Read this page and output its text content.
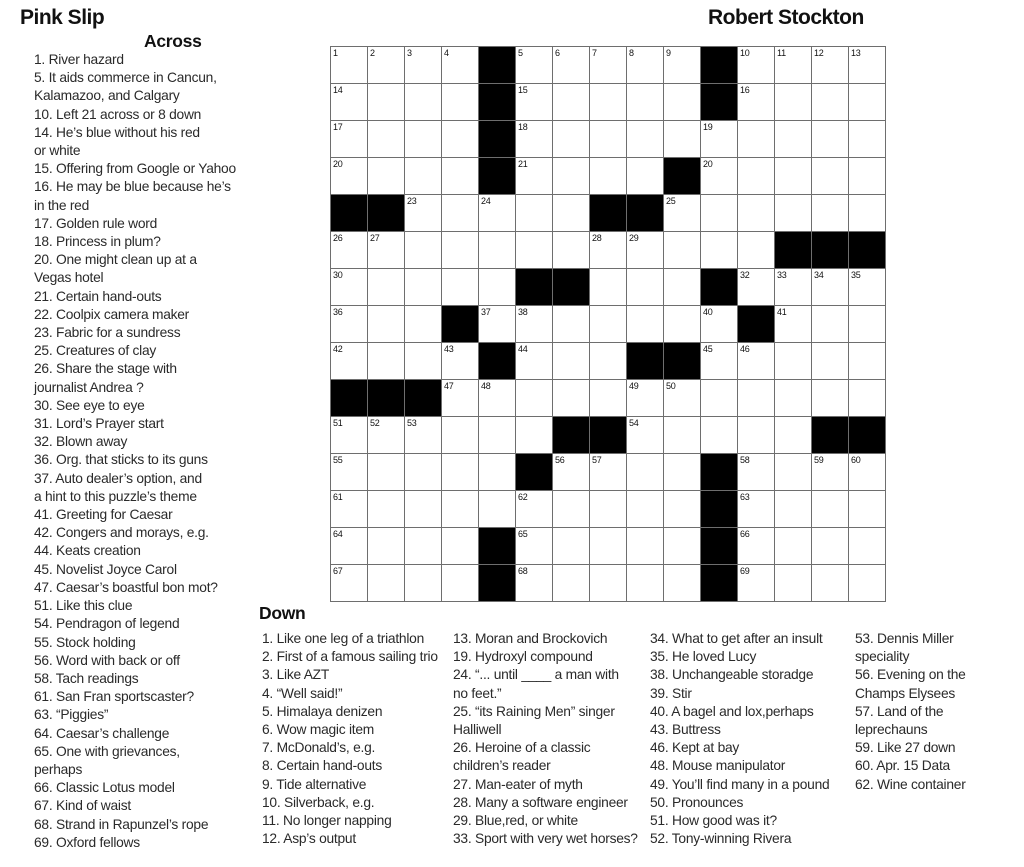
Pink Slip	Robert Stockton
Across
1. River hazard
5. It aids commerce in Cancun,
Kalamazoo, and Calgary
10. Left 21 across or 8 down
14. He’s blue without his red
or white
15. Offering from Google or Yahoo
16. He may be blue because he’s
in the red
17. Golden rule word
18. Princess in plum?
20. One might clean up at a
Vegas hotel
21. Certain hand-outs
22. Coolpix camera maker
23. Fabric for a sundress
25. Creatures of clay
26. Share the stage with
journalist Andrea ?
30. See eye to eye
31. Lord’s Prayer start
32. Blown away
36. Org. that sticks to its guns
37. Auto dealer’s option, and
a hint to this puzzle’s theme
41. Greeting for Caesar
42. Congers and morays, e.g.
44. Keats creation
45. Novelist Joyce Carol
47. Caesar’s boastful bon mot?
51. Like this clue
54. Pendragon of legend
55. Stock holding
56. Word with back or off
58. Tach readings
61. San Fran sportscaster?
63. “Piggies”
64. Caesar’s challenge
65. One with grievances,
perhaps
66. Classic Lotus model
67. Kind of waist
68. Strand in Rapunzel’s rope
69. Oxford fellows
Down
1. Like one leg of a triathlon
2. First of a famous sailing trio
3. Like AZT
4. “Well said!”
5. Himalaya denizen
6. Wow magic item
7. McDonald’s, e.g.
8. Certain hand-outs
9. Tide alternative
10. Silverback, e.g.
11. No longer napping
12. Asp’s output
13. Moran and Brockovich
19. Hydroxyl compound
24. “... until ____ a man with
no feet.”
25. “its Raining Men” singer
Halliwell
26. Heroine of a classic
children’s reader
27. Man-eater of myth
28. Many a software engineer
29. Blue,red, or white
33. Sport with very wet horses?
34. What to get after an insult
35. He loved Lucy
38. Unchangeable storadge
39. Stir
40. A bagel and lox,perhaps
43. Buttress
46. Kept at bay
48. Mouse manipulator
49. You’ll find many in a pound
50. Pronounces
51. How good was it?
52. Tony-winning Rivera
53. Dennis Miller
speciality
56. Evening on the
Champs Elysees
57. Land of the
leprechauns
59. Like 27 down
60. Apr. 15 Data
62. Wine container
1	2	3	4	5	6	7	8	9	10	11	12	13
14	15	16
17	18	19
20	21	20
23	24	25
26	27	28	29
30	32	33	34	35
36	37	38	40	41
42	43	44	45	46
47	48	49	50
51	52	53	54
55	56	57	58	59	60
61	62	63
64	65	66
67	68	69
